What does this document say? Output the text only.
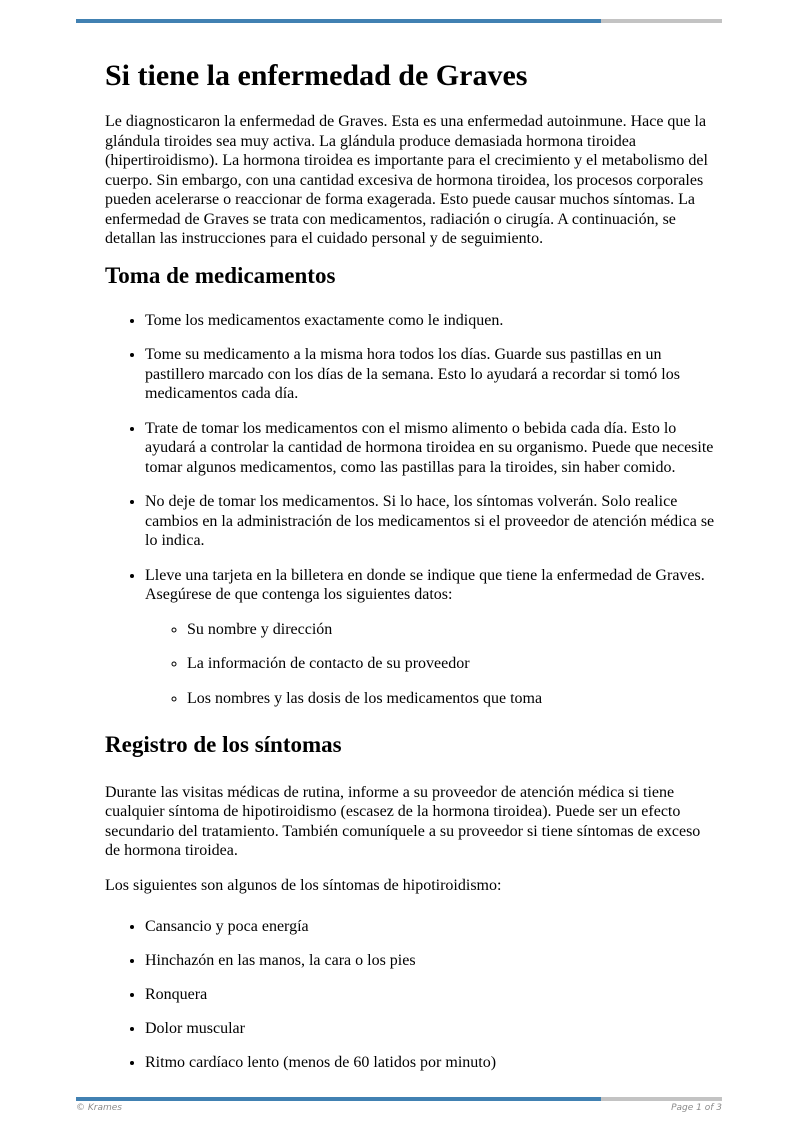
Si tiene la enfermedad de Graves

Le diagnosticaron la enfermedad de Graves. Esta es una enfermedad autoinmune. Hace que la glándula tiroides sea muy activa. La glándula produce demasiada hormona tiroidea (hipertiroidismo). La hormona tiroidea es importante para el crecimiento y el metabolismo del cuerpo. Sin embargo, con una cantidad excesiva de hormona tiroidea, los procesos corporales pueden acelerarse o reaccionar de forma exagerada. Esto puede causar muchos síntomas. La enfermedad de Graves se trata con medicamentos, radiación o cirugía. A continuación, se detallan las instrucciones para el cuidado personal y de seguimiento.

Toma de medicamentos
• Tome los medicamentos exactamente como le indiquen.
• Tome su medicamento a la misma hora todos los días. Guarde sus pastillas en un pastillero marcado con los días de la semana. Esto lo ayudará a recordar si tomó los medicamentos cada día.
• Trate de tomar los medicamentos con el mismo alimento o bebida cada día. Esto lo ayudará a controlar la cantidad de hormona tiroidea en su organismo. Puede que necesite tomar algunos medicamentos, como las pastillas para la tiroides, sin haber comido.
• No deje de tomar los medicamentos. Si lo hace, los síntomas volverán. Solo realice cambios en la administración de los medicamentos si el proveedor de atención médica se lo indica.
• Lleve una tarjeta en la billetera en donde se indique que tiene la enfermedad de Graves. Asegúrese de que contenga los siguientes datos:
◦ Su nombre y dirección
◦ La información de contacto de su proveedor
◦ Los nombres y las dosis de los medicamentos que toma
Registro de los síntomas

Durante las visitas médicas de rutina, informe a su proveedor de atención médica si tiene cualquier síntoma de hipotiroidismo (escasez de la hormona tiroidea). Puede ser un efecto secundario del tratamiento. También comuníquele a su proveedor si tiene síntomas de exceso de hormona tiroidea.

Los siguientes son algunos de los síntomas de hipotiroidismo:

• Cansancio y poca energía
• Hinchazón en las manos, la cara o los pies
• Ronquera
• Dolor muscular
• Ritmo cardíaco lento (menos de 60 latidos por minuto)
© Krames	Page 1 of 3
